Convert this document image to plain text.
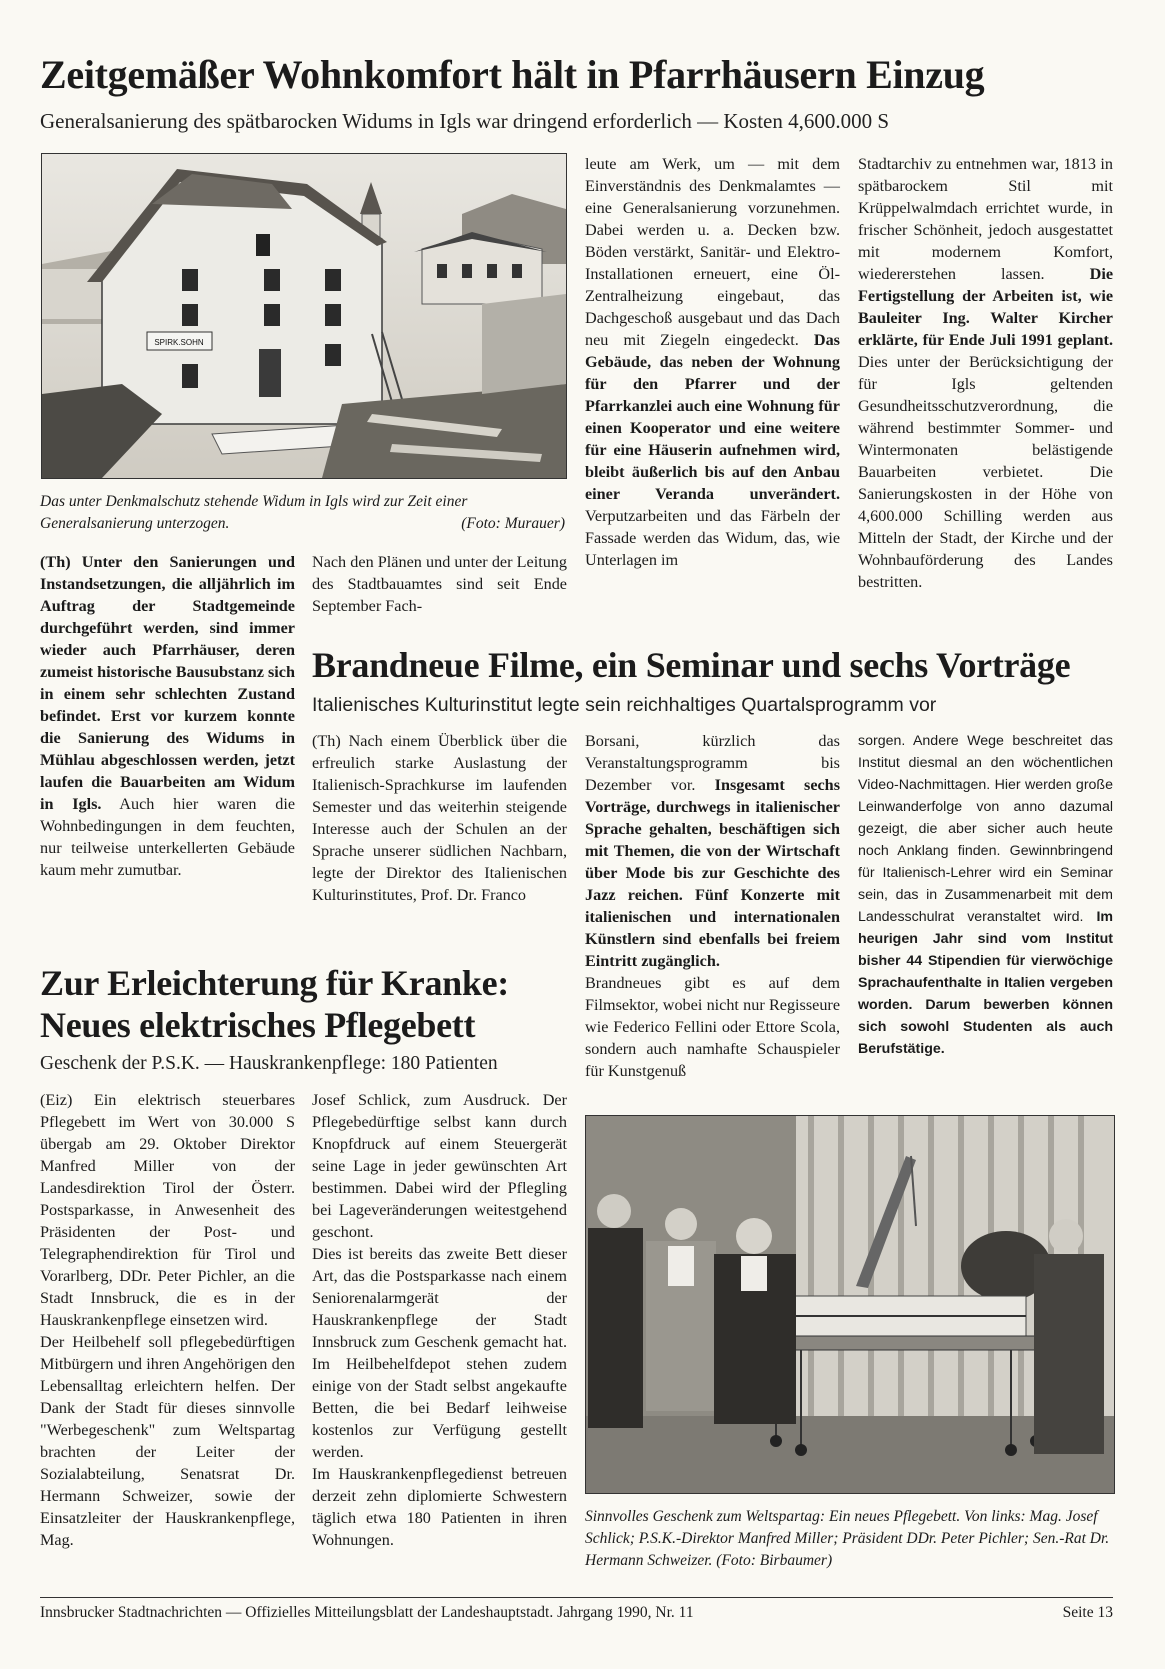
Zeitgemäßer Wohnkomfort hält in Pfarrhäusern Einzug
Generalsanierung des spätbarocken Widums in Igls war dringend erforderlich — Kosten 4,600.000 S
SPIRK.SOHN
Das unter Denkmalschutz stehende Widum in Igls wird zur Zeit einer Generalsanierung unterzogen.	(Foto: Murauer)
(Th) Unter den Sanierungen und Instandsetzungen, die alljährlich im Auftrag der Stadtgemeinde durchgeführt werden, sind immer wieder auch Pfarrhäuser, deren zumeist historische Bausubstanz sich in einem sehr schlechten Zustand befindet. Erst vor kurzem konnte die Sanierung des Widums in Mühlau abgeschlossen werden, jetzt laufen die Bauarbeiten am Widum in Igls. Auch hier waren die Wohnbedingungen in dem feuchten, nur teilweise unterkellerten Gebäude kaum mehr zumutbar.
Nach den Plänen und unter der Leitung des Stadtbauamtes sind seit Ende September Fach-
leute am Werk, um — mit dem Einverständnis des Denkmalamtes — eine Generalsanierung vorzunehmen. Dabei werden u. a. Decken bzw. Böden verstärkt, Sanitär- und Elektro-Installationen erneuert, eine Öl-Zentralheizung eingebaut, das Dachgeschoß ausgebaut und das Dach neu mit Ziegeln eingedeckt. Das Gebäude, das neben der Wohnung für den Pfarrer und der Pfarrkanzlei auch eine Wohnung für einen Kooperator und eine weitere für eine Häuserin aufnehmen wird, bleibt äußerlich bis auf den Anbau einer Veranda unverändert. Verputzarbeiten und das Färbeln der Fassade werden das Widum, das, wie Unterlagen im
Stadtarchiv zu entnehmen war, 1813 in spätbarockem Stil mit Krüppelwalmdach errichtet wurde, in frischer Schönheit, jedoch ausgestattet mit modernem Komfort, wiedererstehen lassen. Die Fertigstellung der Arbeiten ist, wie Bauleiter Ing. Walter Kircher erklärte, für Ende Juli 1991 geplant. Dies unter der Berücksichtigung der für Igls geltenden Gesundheitsschutzverordnung, die während bestimmter Sommer- und Wintermonaten belästigende Bauarbeiten verbietet. Die Sanierungskosten in der Höhe von 4,600.000 Schilling werden aus Mitteln der Stadt, der Kirche und der Wohnbauförderung des Landes bestritten.
Brandneue Filme, ein Seminar und sechs Vorträge
Italienisches Kulturinstitut legte sein reichhaltiges Quartalsprogramm vor
(Th) Nach einem Überblick über die erfreulich starke Auslastung der Italienisch-Sprachkurse im laufenden Semester und das weiterhin steigende Interesse auch der Schulen an der Sprache unserer südlichen Nachbarn, legte der Direktor des Italienischen Kulturinstitutes, Prof. Dr. Franco
Borsani, kürzlich das Veranstaltungsprogramm bis Dezember vor. Insgesamt sechs Vorträge, durchwegs in italienischer Sprache gehalten, beschäftigen sich mit Themen, die von der Wirtschaft über Mode bis zur Geschichte des Jazz reichen. Fünf Konzerte mit italienischen und internationalen Künstlern sind ebenfalls bei freiem Eintritt zugänglich.
Brandneues gibt es auf dem Filmsektor, wobei nicht nur Regisseure wie Federico Fellini oder Ettore Scola, sondern auch namhafte Schauspieler für Kunstgenuß
sorgen. Andere Wege beschreitet das Institut diesmal an den wöchentlichen Video-Nachmittagen. Hier werden große Leinwanderfolge von anno dazumal gezeigt, die aber sicher auch heute noch Anklang finden. Gewinnbringend für Italienisch-Lehrer wird ein Seminar sein, das in Zusammenarbeit mit dem Landesschulrat veranstaltet wird. Im heurigen Jahr sind vom Institut bisher 44 Stipendien für vierwöchige Sprachaufenthalte in Italien vergeben worden. Darum bewerben können sich sowohl Studenten als auch Berufstätige.
Zur Erleichterung für Kranke:
Neues elektrisches Pflegebett
Geschenk der P.S.K. — Hauskrankenpflege: 180 Patienten

(Eiz) Ein elektrisch steuerbares Pflegebett im Wert von 30.000 S übergab am 29. Oktober Direktor Manfred Miller von der Landesdirektion Tirol der Österr. Postsparkasse, in Anwesenheit des Präsidenten der Post- und Telegraphendirektion für Tirol und Vorarlberg, DDr. Peter Pichler, an die Stadt Innsbruck, die es in der Hauskrankenpflege einsetzen wird.

Der Heilbehelf soll pflegebedürftigen Mitbürgern und ihren Angehörigen den Lebensalltag erleichtern helfen. Der Dank der Stadt für dieses sinnvolle "Werbegeschenk" zum Weltspartag brachten der Leiter der Sozialabteilung, Senatsrat Dr. Hermann Schweizer, sowie der Einsatzleiter der Hauskrankenpflege, Mag.

Josef Schlick, zum Ausdruck. Der Pflegebedürftige selbst kann durch Knopfdruck auf einem Steuergerät seine Lage in jeder gewünschten Art bestimmen. Dabei wird der Pflegling bei Lageveränderungen weitestgehend geschont.

Dies ist bereits das zweite Bett dieser Art, das die Postsparkasse nach einem Seniorenalarmgerät der Hauskrankenpflege der Stadt Innsbruck zum Geschenk gemacht hat. Im Heilbehelfdepot stehen zudem einige von der Stadt selbst angekaufte Betten, die bei Bedarf leihweise kostenlos zur Verfügung gestellt werden.

Im Hauskrankenpflegedienst betreuen derzeit zehn diplomierte Schwestern täglich etwa 180 Patienten in ihren Wohnungen.

Sinnvolles Geschenk zum Weltspartag: Ein neues Pflegebett. Von links: Mag. Josef Schlick; P.S.K.-Direktor Manfred Miller; Präsident DDr. Peter Pichler; Sen.-Rat Dr. Hermann Schweizer. (Foto: Birbaumer)
Innsbrucker Stadtnachrichten — Offizielles Mitteilungsblatt der Landeshauptstadt. Jahrgang 1990, Nr. 11	Seite 13
